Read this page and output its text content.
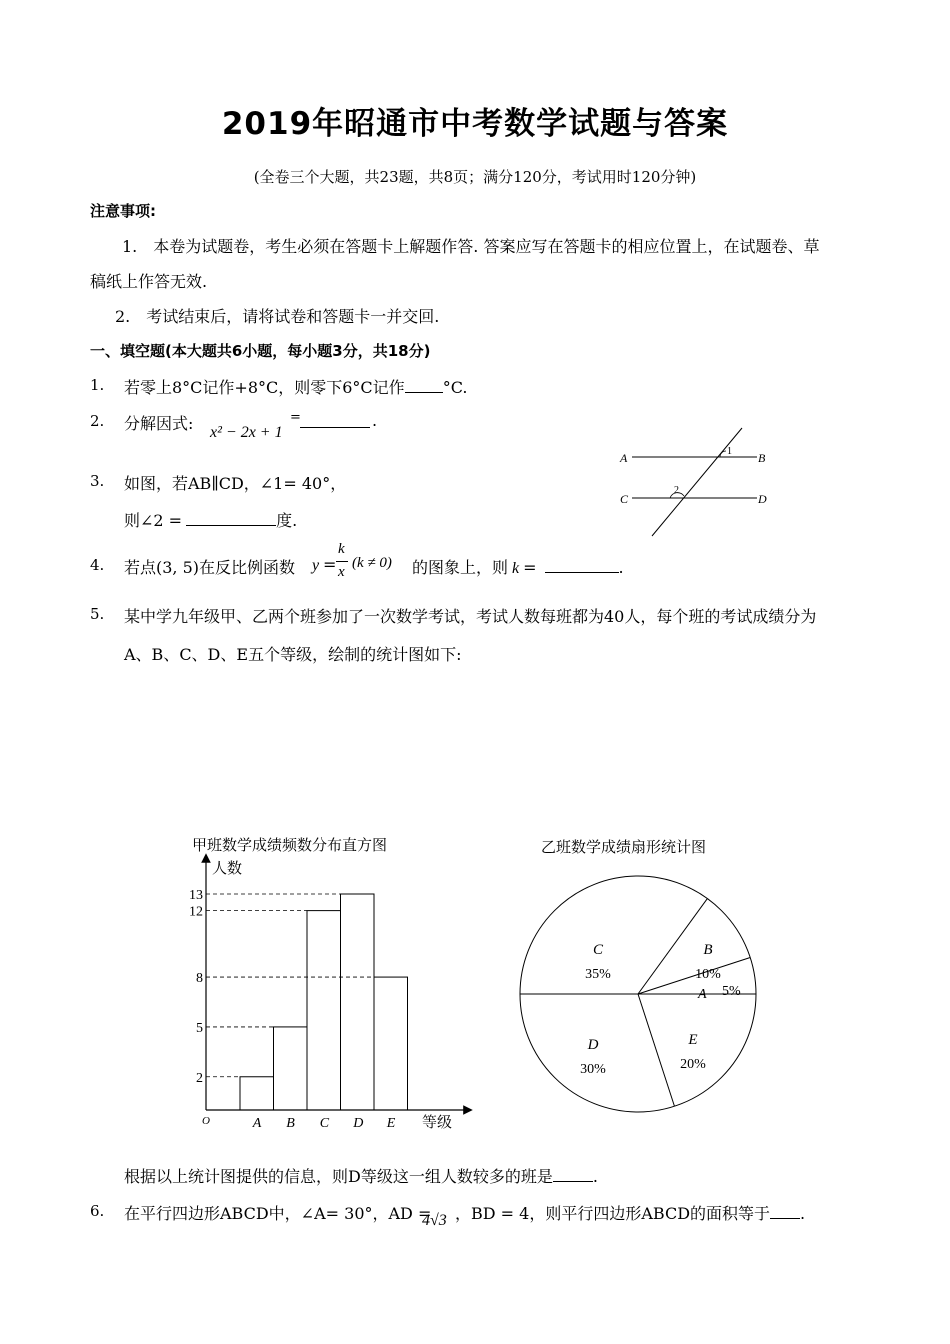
2019年昭通市中考数学试题与答案
(全卷三个大题，共23题，共8页；满分120分，考试用时120分钟)
注意事项:
1.　本卷为试题卷，考生必须在答题卡上解题作答. 答案应写在答题卡的相应位置上，在试题卷、草
稿纸上作答无效.
2.　考试结束后，请将试卷和答题卡一并交回.
一、填空题(本大题共6小题，每小题3分，共18分)
1. 若零上8°C记作+8°C，则零下6°C记作 °C.
2. 分解因式: x² − 2x + 1
=	.
3. 如图，若AB∥CD，∠1= 40°，
则∠2 =	度.
A	B
C	D
1
2
4. 若点(3, 5)在反比例函数 y =
k
x
(k ≠ 0) 的图象上，则 k =	.
5. 某中学九年级甲、乙两个班参加了一次数学考试，考试人数每班都为40人，每个班的考试成绩分为
A、B、C、D、E五个等级，绘制的统计图如下:
甲班数学成绩频数分布直方图
人数
O	等级
A B C D E
13
12
8
5
2
乙班数学成绩扇形统计图
C
35%
B
10%
A 5%
E
20%
D
30%
根据以上统计图提供的信息，则D等级这一组人数较多的班是	.
6. 在平行四边形ABCD中，∠A= 30°，AD =
4√3 ，BD = 4，则平行四边形ABCD的面积等于 .
